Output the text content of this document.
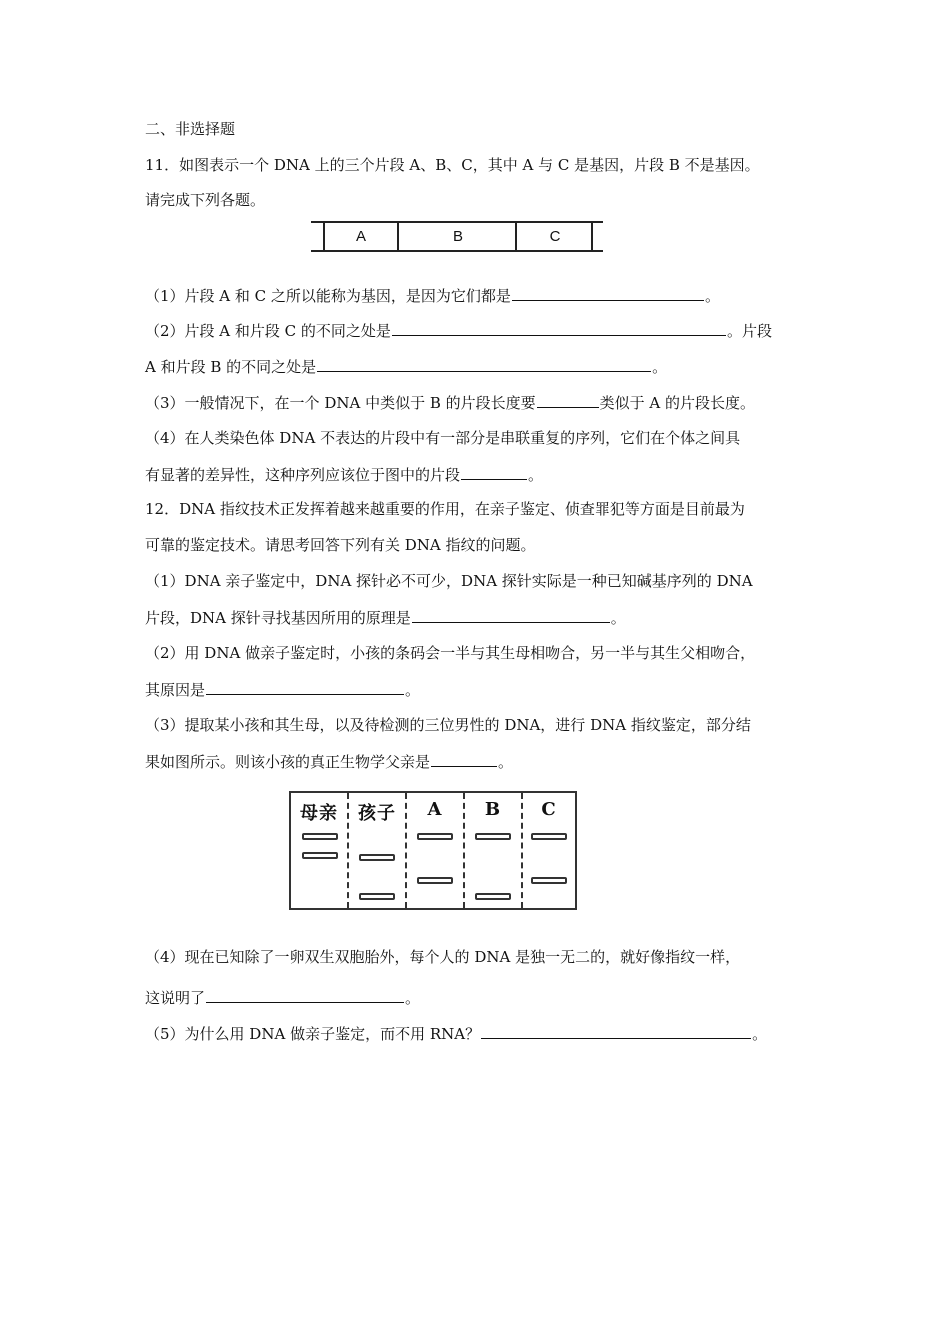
二、非选择题
11．如图表示一个 DNA 上的三个片段 A、B、C，其中 A 与 C 是基因，片段 B 不是基因。
请完成下列各题。
A	B	C
（1）片段 A 和 C 之所以能称为基因，是因为它们都是	。
（2）片段 A 和片段 C 的不同之处是	。片段
A 和片段 B 的不同之处是	。
（3）一般情况下，在一个 DNA 中类似于 B 的片段长度要	类似于 A 的片段长度。
（4）在人类染色体 DNA 不表达的片段中有一部分是串联重复的序列，它们在个体之间具
有显著的差异性，这种序列应该位于图中的片段	。
12．DNA 指纹技术正发挥着越来越重要的作用，在亲子鉴定、侦查罪犯等方面是目前最为
可靠的鉴定技术。请思考回答下列有关 DNA 指纹的问题。
（1）DNA 亲子鉴定中，DNA 探针必不可少，DNA 探针实际是一种已知碱基序列的 DNA
片段，DNA 探针寻找基因所用的原理是	。
（2）用 DNA 做亲子鉴定时，小孩的条码会一半与其生母相吻合，另一半与其生父相吻合，
其原因是	。
（3）提取某小孩和其生母，以及待检测的三位男性的 DNA，进行 DNA 指纹鉴定，部分结
果如图所示。则该小孩的真正生物学父亲是	。
母亲	孩子	A	B	C
（4）现在已知除了一卵双生双胞胎外，每个人的 DNA 是独一无二的，就好像指纹一样，
这说明了	。
（5）为什么用 DNA 做亲子鉴定，而不用 RNA？	。
